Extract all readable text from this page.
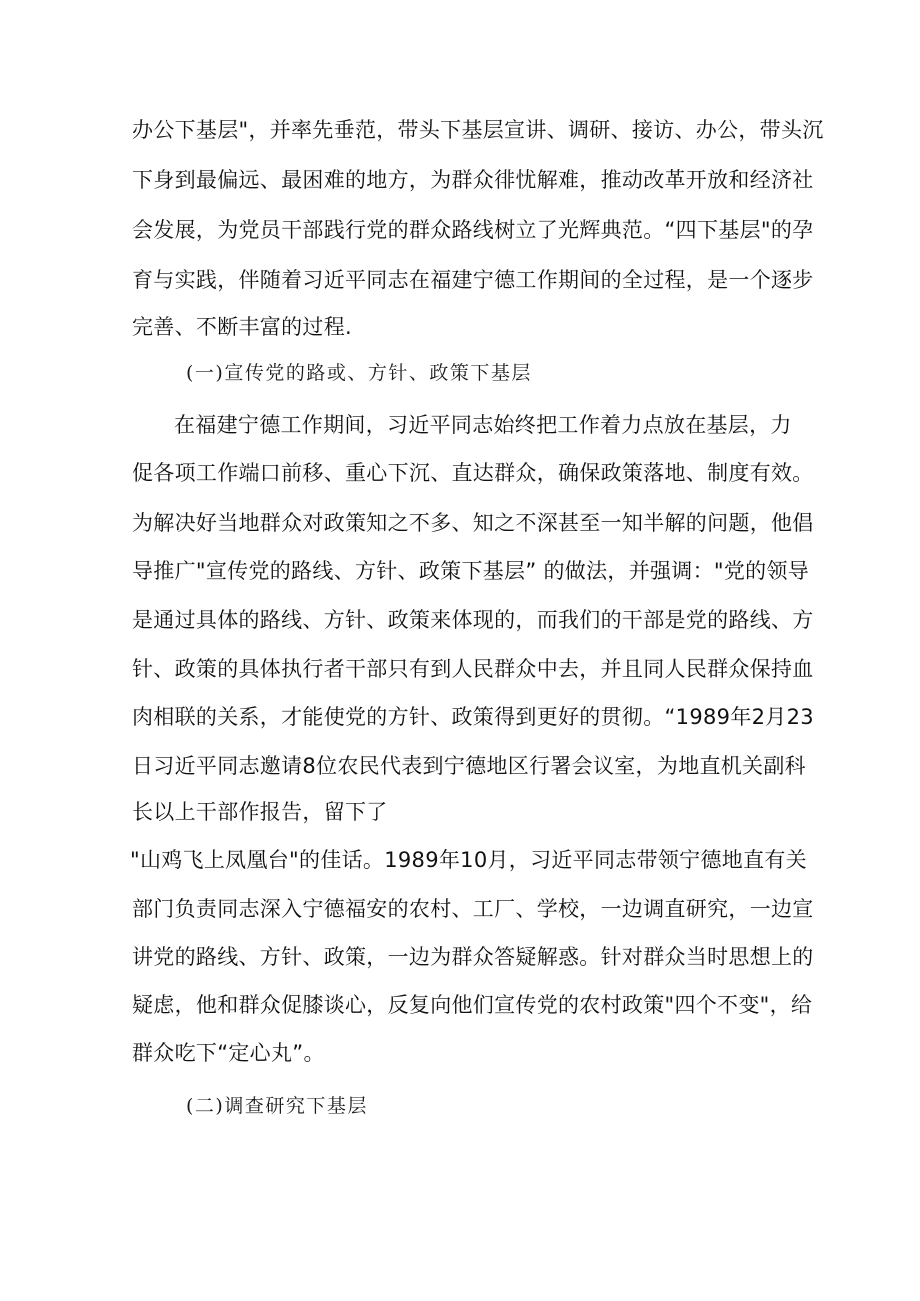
办公下基层"，并率先垂范，带头下基层宣讲、调研、接访、办公，带头沉
下身到最偏远、最困难的地方，为群众徘忧解难，推动改革开放和经济社
会发展，为党员干部践行党的群众路线树立了光辉典范。“四下基层"的孕
育与实践，伴随着习近平同志在福建宁德工作期间的全过程，是一个逐步
完善、不断丰富的过程.
(一)宣传党的路或、方针、政策下基层
在福建宁德工作期间，习近平同志始终把工作着力点放在基层，力
促各项工作端口前移、重心下沉、直达群众，确保政策落地、制度有效。
为解决好当地群众对政策知之不多、知之不深甚至一知半解的问题，他倡
导推广"宣传党的路线、方针、政策下基层” 的做法，并强调："党的领导
是通过具体的路线、方针、政策来体现的，而我们的干部是党的路线、方
针、政策的具体执行者干部只有到人民群众中去，并且同人民群众保持血
肉相联的关系，才能使党的方针、政策得到更好的贯彻。“1989年2月23
日习近平同志邀请8位农民代表到宁德地区行署会议室，为地直机关副科
长以上干部作报告，留下了
"山鸡飞上凤凰台"的佳话。1989年10月，习近平同志带领宁德地直有关
部门负责同志深入宁德福安的农村、工厂、学校，一边调直研究，一边宣
讲党的路线、方针、政策，一边为群众答疑解惑。针对群众当时思想上的
疑虑，他和群众促膝谈心，反复向他们宣传党的农村政策"四个不变"，给
群众吃下“定心丸”。
(二)调查研究下基层
